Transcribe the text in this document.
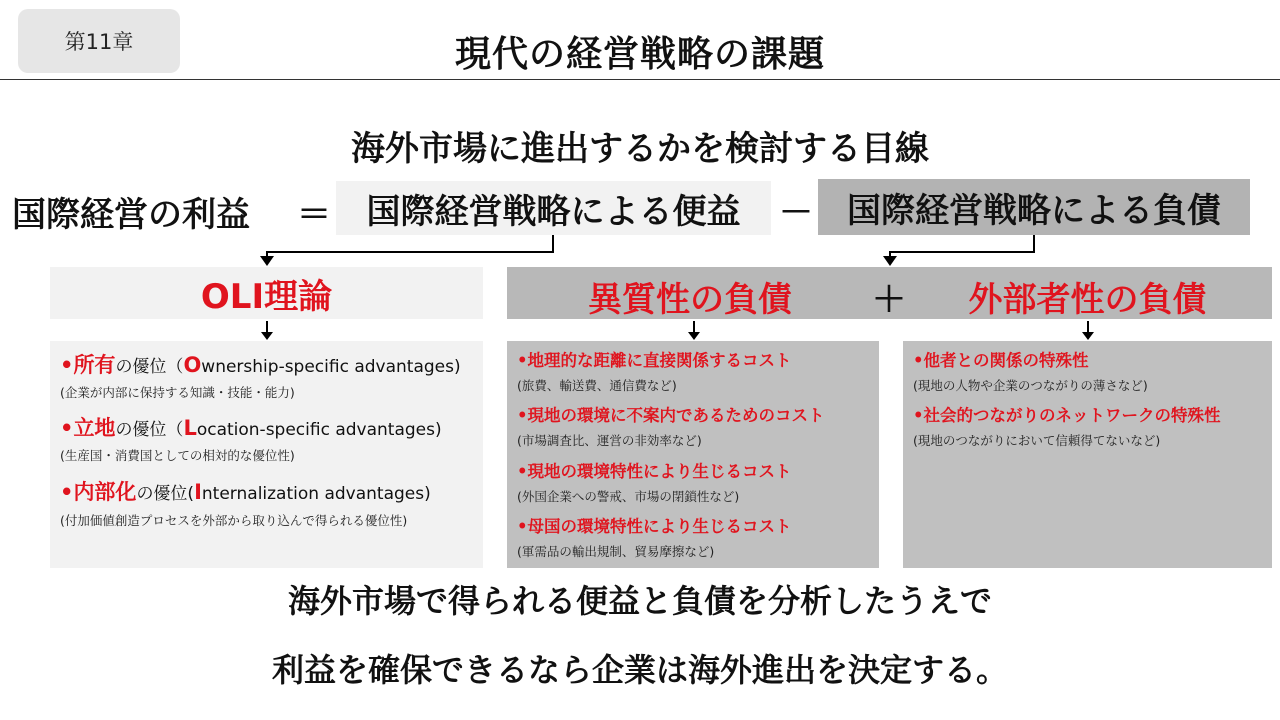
第11章	現代の経営戦略の課題
海外市場に進出するかを検討する目線
国際経営の利益 ＝ 国際経営戦略による便益 － 国際経営戦略による負債
OLI理論	異質性の負債	＋	外部者性の負債
•所有の優位（Ownership-specific advantages)
(企業が内部に保持する知識・技能・能力)
•立地の優位（Location-specific advantages)
(生産国・消費国としての相対的な優位性)
•内部化の優位(Internalization advantages)
(付加価値創造プロセスを外部から取り込んで得られる優位性)
•地理的な距離に直接関係するコスト
(旅費、輸送費、通信費など)
•現地の環境に不案内であるためのコスト
(市場調査比、運営の非効率など)
•現地の環境特性により生じるコスト
(外国企業への警戒、市場の閉鎖性など)
•母国の環境特性により生じるコスト
(軍需品の輸出規制、貿易摩擦など)
•他者との関係の特殊性
(現地の人物や企業のつながりの薄さなど)
•社会的つながりのネットワークの特殊性
(現地のつながりにおいて信頼得てないなど)
海外市場で得られる便益と負債を分析したうえで
利益を確保できるなら企業は海外進出を決定する。
